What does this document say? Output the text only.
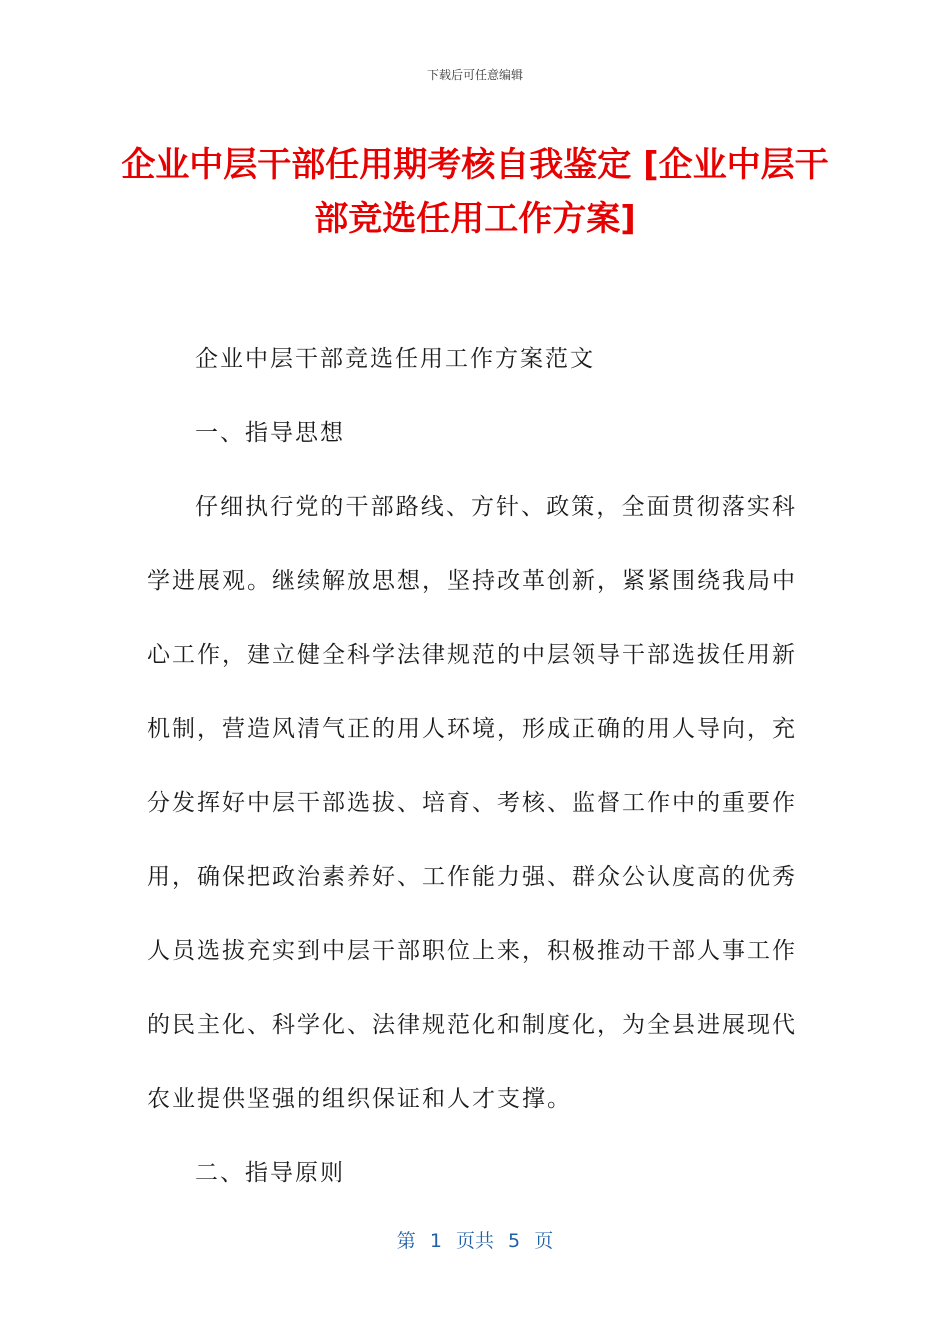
下载后可任意编辑
企业中层干部任用期考核自我鉴定 [企业中层干部竞选任用工作方案]

企业中层干部竞选任用工作方案范文

一、指导思想

仔细执行党的干部路线、方针、政策，全面贯彻落实科学进展观。继续解放思想，坚持改革创新，紧紧围绕我局中心工作，建立健全科学法律规范的中层领导干部选拔任用新机制，营造风清气正的用人环境，形成正确的用人导向，充分发挥好中层干部选拔、培育、考核、监督工作中的重要作用，确保把政治素养好、工作能力强、群众公认度高的优秀人员选拔充实到中层干部职位上来，积极推动干部人事工作的民主化、科学化、法律规范化和制度化，为全县进展现代农业提供坚强的组织保证和人才支撑。

二、指导原则

第 1 页共 5 页
